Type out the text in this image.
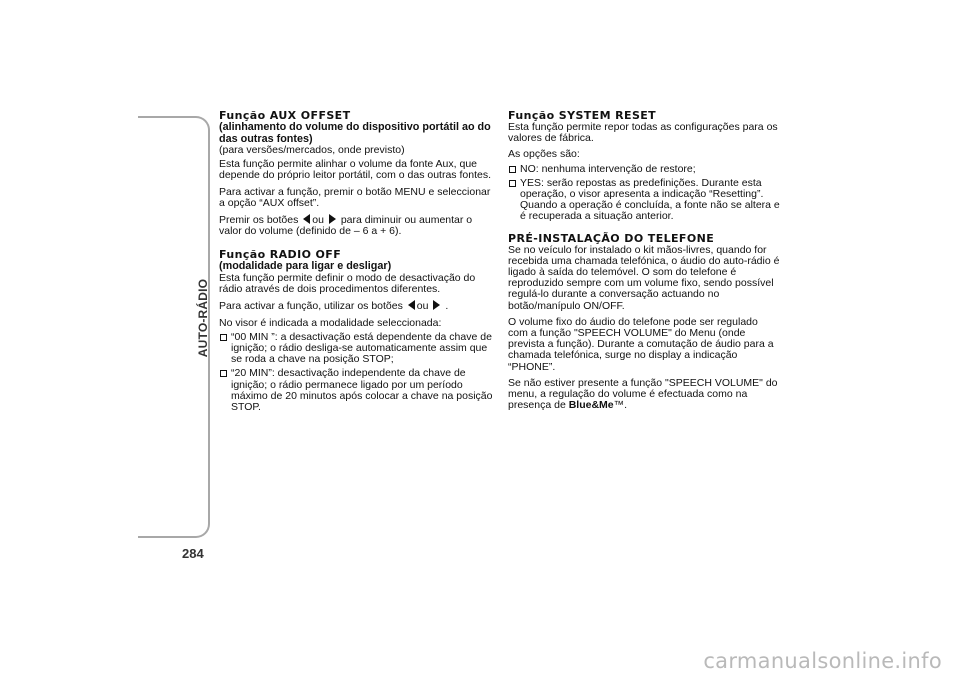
AUTO-RÁDIO
284
Função AUX OFFSET
(alinhamento do volume do dispositivo portátil ao do das outras fontes)
(para versões/mercados, onde previsto)
Esta função permite alinhar o volume da fonte Aux, que depende do próprio leitor portátil, com o das outras fontes.
Para activar a função, premir o botão MENU e seleccionar a opção “AUX offset”.
Premir os botões ou para diminuir ou aumentar o valor do volume (definido de – 6 a + 6).
Função RADIO OFF
(modalidade para ligar e desligar)
Esta função permite definir o modo de desactivação do rádio através de dois procedimentos diferentes.
Para activar a função, utilizar os botões ou .
No visor é indicada a modalidade seleccionada:
“00 MIN ”: a desactivação está dependente da chave de ignição; o rádio desliga-se automaticamente assim que se roda a chave na posição STOP;
“20 MIN”: desactivação independente da chave de ignição; o rádio permanece ligado por um período máximo de 20 minutos após colocar a chave na posição STOP.
Função SYSTEM RESET
Esta função permite repor todas as configurações para os valores de fábrica.
As opções são:
NO: nenhuma intervenção de restore;
YES: serão repostas as predefinições. Durante esta operação, o visor apresenta a indicação “Resetting”. Quando a operação é concluída, a fonte não se altera e é recuperada a situação anterior.
PRÉ-INSTALAÇÃO DO TELEFONE
Se no veículo for instalado o kit mãos-livres, quando for recebida uma chamada telefónica, o áudio do auto-rádio é ligado à saída do telemóvel. O som do telefone é reproduzido sempre com um volume fixo, sendo possível regulá-lo durante a conversação actuando no botão/manípulo ON/OFF.
O volume fixo do áudio do telefone pode ser regulado com a função "SPEECH VOLUME" do Menu (onde prevista a função). Durante a comutação de áudio para a chamada telefónica, surge no display a indicação “PHONE”.
Se não estiver presente a função "SPEECH VOLUME" do menu, a regulação do volume é efectuada como na presença de Blue&Me™.
carmanualsonline.info
